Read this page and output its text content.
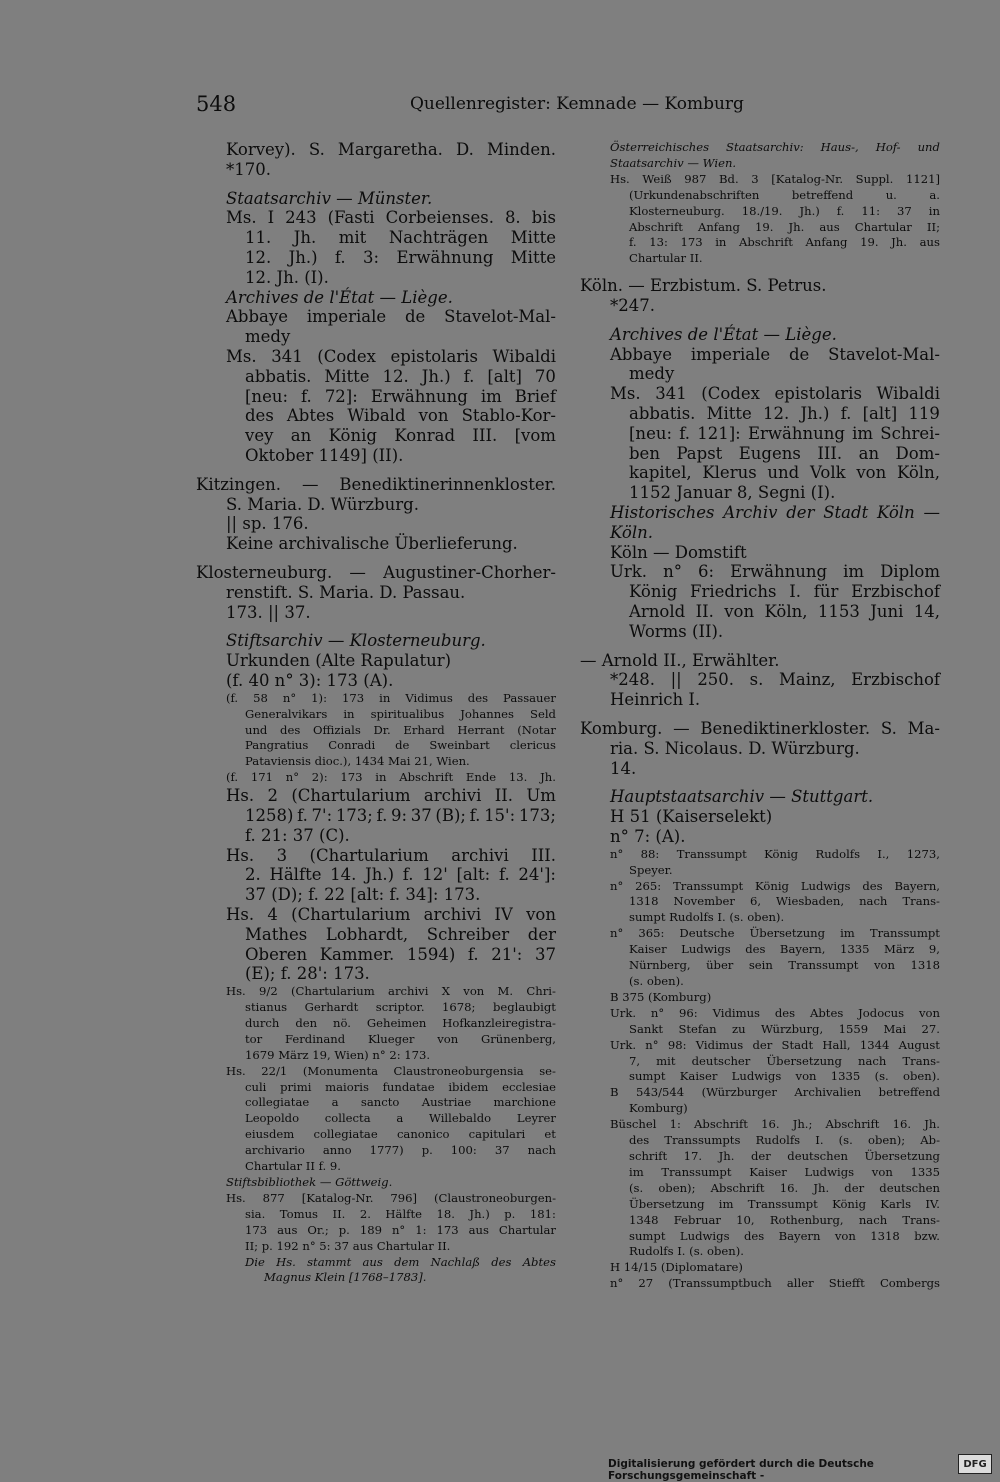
548	Quellenregister: Kemnade — Komburg
Korvey). S. Margaretha. D. Minden.
*170.
Staatsarchiv — Münster.
Ms. I 243 (Fasti Corbeienses. 8. bis
11. Jh. mit Nachträgen Mitte
12. Jh.) f. 3: Erwähnung Mitte
12. Jh. (I).
Archives de l'État — Liège.
Abbaye imperiale de Stavelot-Mal-
medy
Ms. 341 (Codex epistolaris Wibaldi
abbatis. Mitte 12. Jh.) f. [alt] 70
[neu: f. 72]: Erwähnung im Brief
des Abtes Wibald von Stablo-Kor-
vey an König Konrad III. [vom
Oktober 1149] (II).
Kitzingen. — Benediktinerinnenkloster.
S. Maria. D. Würzburg.
|| sp. 176.
Keine archivalische Überlieferung.
Klosterneuburg. — Augustiner-Chorher-
renstift. S. Maria. D. Passau.
173. || 37.
Stiftsarchiv — Klosterneuburg.
Urkunden (Alte Rapulatur)
(f. 40 n° 3): 173 (A).
(f. 58 n° 1): 173 in Vidimus des Passauer
Generalvikars in spiritualibus Johannes Seld
und des Offizials Dr. Erhard Herrant (Notar
Pangratius Conradi de Sweinbart clericus
Pataviensis dioc.), 1434 Mai 21, Wien.
(f. 171 n° 2): 173 in Abschrift Ende 13. Jh.
Hs. 2 (Chartularium archivi II. Um
1258) f. 7': 173; f. 9: 37 (B); f. 15': 173;
f. 21: 37 (C).
Hs. 3 (Chartularium archivi III.
2. Hälfte 14. Jh.) f. 12' [alt: f. 24']:
37 (D); f. 22 [alt: f. 34]: 173.
Hs. 4 (Chartularium archivi IV von
Mathes Lobhardt, Schreiber der
Oberen Kammer. 1594) f. 21': 37
(E); f. 28': 173.
Hs. 9/2 (Chartularium archivi X von M. Chri-
stianus Gerhardt scriptor. 1678; beglaubigt
durch den nö. Geheimen Hofkanzleiregistra-
tor Ferdinand Klueger von Grünenberg,
1679 März 19, Wien) n° 2: 173.
Hs. 22/1 (Monumenta Claustroneoburgensia se-
culi primi maioris fundatae ibidem ecclesiae
collegiatae a sancto Austriae marchione
Leopoldo collecta a Willebaldo Leyrer
eiusdem collegiatae canonico capitulari et
archivario anno 1777) p. 100: 37 nach
Chartular II f. 9.
Stiftsbibliothek — Göttweig.
Hs. 877 [Katalog-Nr. 796] (Claustroneoburgen-
sia. Tomus II. 2. Hälfte 18. Jh.) p. 181:
173 aus Or.; p. 189 n° 1: 173 aus Chartular
II; p. 192 n° 5: 37 aus Chartular II.
Die Hs. stammt aus dem Nachlaß des Abtes
Magnus Klein [1768–1783].
Österreichisches Staatsarchiv: Haus-, Hof- und
Staatsarchiv — Wien.
Hs. Weiß 987 Bd. 3 [Katalog-Nr. Suppl. 1121]
(Urkundenabschriften	betreffend	u.	a.
Klosterneuburg. 18./19. Jh.) f. 11: 37 in
Abschrift Anfang 19. Jh. aus Chartular II;
f. 13: 173 in Abschrift Anfang 19. Jh. aus
Chartular II.
Köln. — Erzbistum. S. Petrus.
*247.
Archives de l'État — Liège.
Abbaye imperiale de Stavelot-Mal-
medy
Ms. 341 (Codex epistolaris Wibaldi
abbatis. Mitte 12. Jh.) f. [alt] 119
[neu: f. 121]: Erwähnung im Schrei-
ben Papst Eugens III. an Dom-
kapitel, Klerus und Volk von Köln,
1152 Januar 8, Segni (I).
Historisches Archiv der Stadt Köln —
Köln.
Köln — Domstift
Urk. n° 6: Erwähnung im Diplom
König Friedrichs I. für Erzbischof
Arnold II. von Köln, 1153 Juni 14,
Worms (II).
— Arnold II., Erwählter.
*248. || 250. s. Mainz, Erzbischof
Heinrich I.
Komburg. — Benediktinerkloster. S. Ma-
ria. S. Nicolaus. D. Würzburg.
14.
Hauptstaatsarchiv — Stuttgart.
H 51 (Kaiserselekt)
n° 7: (A).
n° 88: Transsumpt König Rudolfs I., 1273,
Speyer.
n° 265: Transsumpt König Ludwigs des Bayern,
1318 November 6, Wiesbaden, nach Trans-
sumpt Rudolfs I. (s. oben).
n° 365: Deutsche Übersetzung im Transsumpt
Kaiser Ludwigs des Bayern, 1335 März 9,
Nürnberg, über sein Transsumpt von 1318
(s. oben).
B 375 (Komburg)
Urk. n° 96: Vidimus des Abtes Jodocus von
Sankt Stefan zu Würzburg, 1559 Mai 27.
Urk. n° 98: Vidimus der Stadt Hall, 1344 August
7, mit deutscher Übersetzung nach Trans-
sumpt Kaiser Ludwigs von 1335 (s. oben).
B 543/544 (Würzburger Archivalien betreffend
Komburg)
Büschel 1: Abschrift 16. Jh.; Abschrift 16. Jh.
des Transsumpts Rudolfs I. (s. oben); Ab-
schrift 17. Jh. der deutschen Übersetzung
im Transsumpt Kaiser Ludwigs von 1335
(s. oben); Abschrift 16. Jh. der deutschen
Übersetzung im Transsumpt König Karls IV.
1348 Februar 10, Rothenburg, nach Trans-
sumpt Ludwigs des Bayern von 1318 bzw.
Rudolfs I. (s. oben).
H 14/15 (Diplomatare)
n° 27 (Transsumptbuch aller Stiefft Combergs
Digitalisierung gefördert durch die Deutsche Forschungsgemeinschaft -
DFG
